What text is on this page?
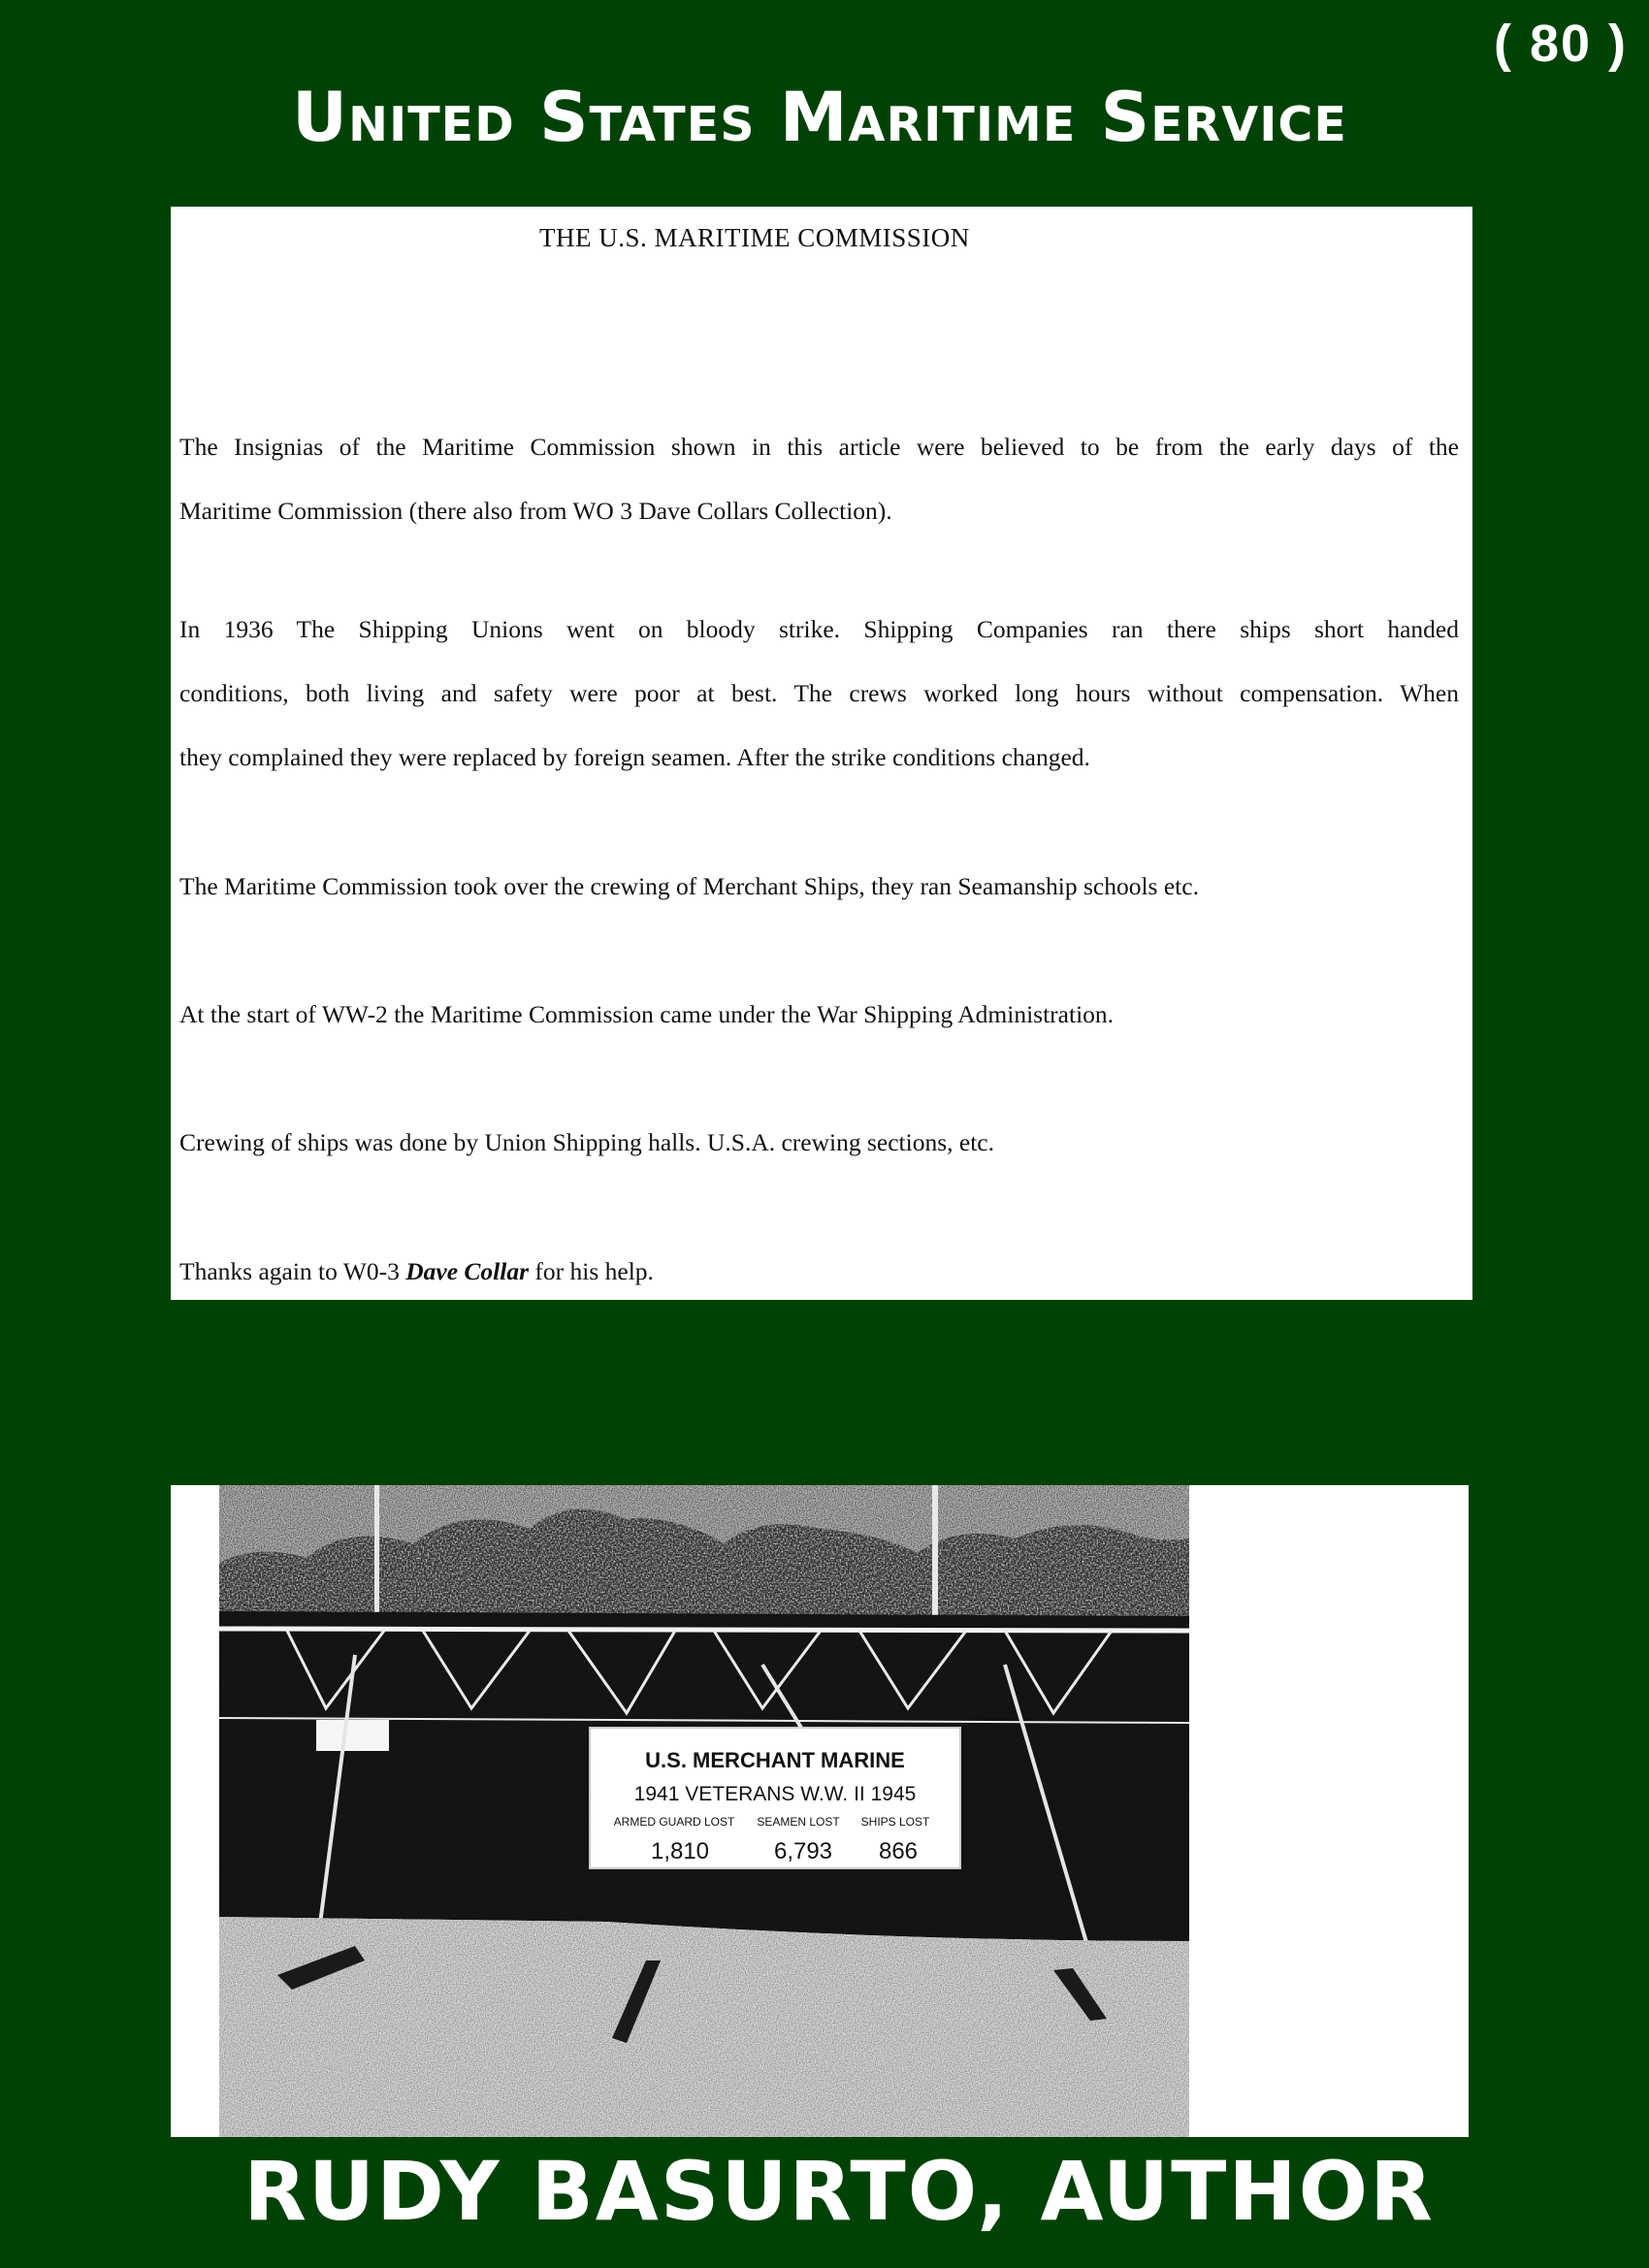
( 80 )
United States Maritime Service
THE U.S. MARITIME COMMISSION
The Insignias of the Maritime Commission shown in this article were believed to be from the early days of the
Maritime Commission (there also from WO 3 Dave Collars Collection).
In 1936 The Shipping Unions went on bloody strike. Shipping Companies ran there ships short handed
conditions, both living and safety were poor at best. The crews worked long hours without compensation. When
they complained they were replaced by foreign seamen. After the strike conditions changed.
The Maritime Commission took over the crewing of Merchant Ships, they ran Seamanship schools etc.
At the start of WW-2 the Maritime Commission came under the War Shipping Administration.
Crewing of ships was done by Union Shipping halls. U.S.A. crewing sections, etc.
Thanks again to W0-3 Dave Collar for his help.
U.S. MERCHANT MARINE
1941 VETERANS W.W. II 1945
ARMED GUARD LOST SEAMEN LOST SHIPS LOST
1,810	6,793 866
RUDY BASURTO, AUTHOR
